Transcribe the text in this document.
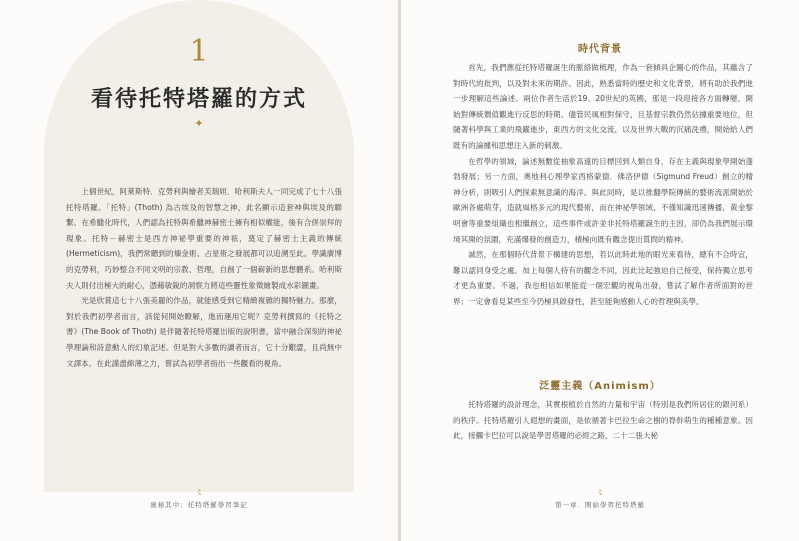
1
看待托特塔羅的方式
✦

上個世紀，阿萊斯特．克勞利與繪者芙瑞妲．哈利斯夫人一同完成了七十八張托特塔羅。「托特」(Thoth) 為古埃及的智慧之神，此名顯示這套神與埃及的聯繫。在希臘化時代，人們認為托特與希臘神赫密士擁有相似權能，後有合併崇拜的現象。托特－赫密士是西方神祕學重要的神祇，奠定了赫密士主義的傳統(Hermeticism)，我們常聽到的煉金術、占星術之發展都可以追溯至此。學識廣博的克勞利，巧妙整合不同文明的宗教、哲理，自創了一個嶄新的思想體系。哈利斯夫人則付出極大的耐心，憑藉敏銳的洞察力將這些靈性象徵繪製成水彩圖畫。

光是欣賞這七十八張美麗的作品，就能感受到它精緻複雜的獨特魅力。那麼，對於我們初學者而言，該從何開始瞭解，進而運用它呢？克勞利撰寫的《托特之書》(The Book of Thoth) 是伴隨著托特塔羅出版的說明書，當中融合深刻的神祕學理論和詩意動人的幻象記述。但是對大多數的讀者而言，它十分艱澀，且尚無中文譯本。在此謹盡綿薄之力，嘗試為初學者指出一些觀看的視角。

〻
奧秘其中：托特塔羅學習筆記
時代背景

首先，我們應從托特塔羅誕生的脈絡做梳理，作為一套傾具企圖心的作品，其蘊含了對時代的批判，以及對未來的期許。因此，熟悉當時的歷史和文化背景，將有助於我們進一步理解這些論述。兩位作者生活於19、20世紀的英國，那是一段迎接各方面轉變、開始對傳統價值觀進行反思的時期。儘管民風相對保守，且基督宗教仍然佔據重要地位，但隨著科學與工業的飛躍進步，東西方的文化交流，以及世界大戰的沉痛洗禮，開始給人們既有的論據和思想注入新的刺激。

在哲學的領域，論述無數從抽象高遠的目標回到人類自身，存在主義與現象學開始蓬勃發展；另一方面，奧地利心理學家西格蒙德．佛洛伊德（Sigmund Freud）創立的精神分析，則吸引人們探索無意識的海洋。與此同時，是以推翻學院傳統的藝術流派開始於歐洲各處萌芽，造就風格多元的現代藝術，而在神祕學領域，不僅知識迅速傳播，黃金黎明會等重要組織也相繼創立，這些事件或許並非托特塔羅誕生的主因，卻仍為我們展示環境其開的氛圍，充滿爆發的創造力，積極向既有觀念提出質問的精神。

誠然，在那個時代背景下構建的思想，若以此時此地的眼光來看待，總有不合時宜，難以認同身受之處。加上每個人持有的觀念不同，因此比起強迫自己接受，保持獨立思考才更為重要。不過，我也相信如果能從一個宏觀的視角出發，嘗試了解作者所面對的世界；一定會看見某些至今仍極具啟發性，甚至能夠感動人心的哲理與美學。

泛靈主義（Animism）

托特塔羅的設計理念，其實根植於自然的力量和宇宙（特別是我們所居住的銀河系）的秩序。托特塔羅引人遐想的畫面，是依循著卡巴拉生命之樹的脊幹萌生的種種意象。因此，接觸卡巴拉可以說是學習塔羅的必經之路，二十二張大秘

〻
第一章．開始學習托特塔羅
